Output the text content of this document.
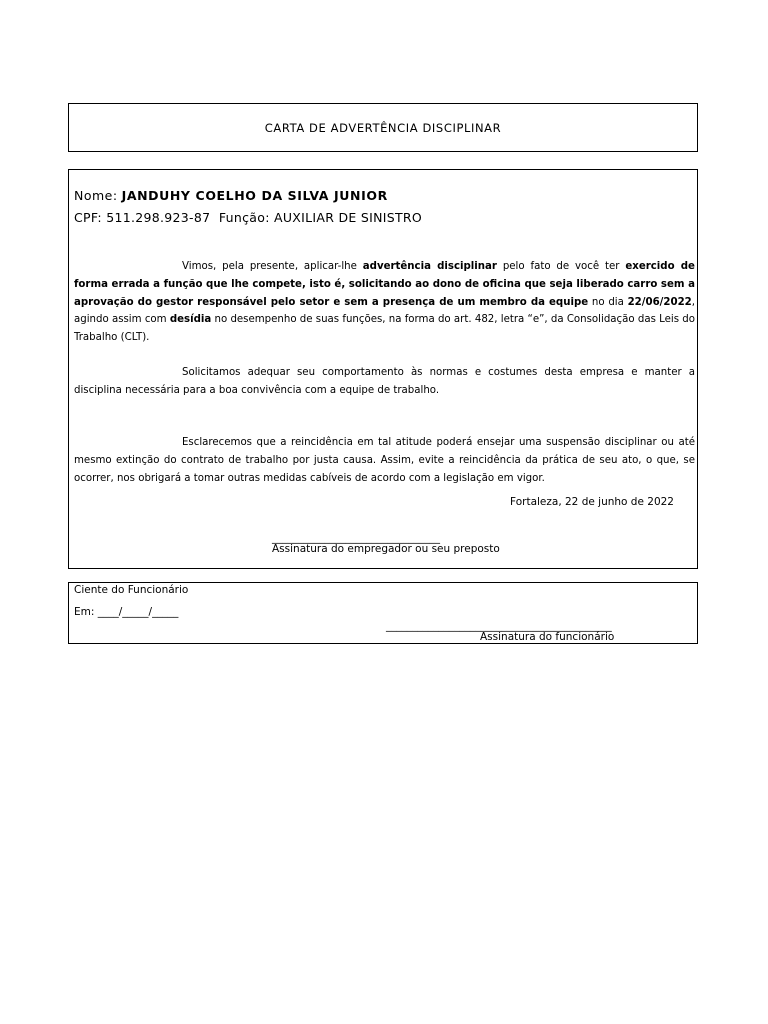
CARTA DE ADVERTÊNCIA DISCIPLINAR
Nome: JANDUHY COELHO DA SILVA JUNIOR
CPF: 511.298.923-87 Função: AUXILIAR DE SINISTRO
Vimos, pela presente, aplicar-lhe advertência disciplinar pelo fato de você ter exercido de forma errada a função que lhe compete, isto é, solicitando ao dono de oficina que seja liberado carro sem a aprovação do gestor responsável pelo setor e sem a presença de um membro da equipe no dia 22/06/2022, agindo assim com desídia no desempenho de suas funções, na forma do art. 482, letra “e”, da Consolidação das Leis do Trabalho (CLT).
Solicitamos adequar seu comportamento às normas e costumes desta empresa e manter a disciplina necessária para a boa convivência com a equipe de trabalho.
Esclarecemos que a reincidência em tal atitude poderá ensejar uma suspensão disciplinar ou até mesmo extinção do contrato de trabalho por justa causa. Assim, evite a reincidência da prática de seu ato, o que, se ocorrer, nos obrigará a tomar outras medidas cabíveis de acordo com a legislação em vigor.
Fortaleza, 22 de junho de 2022
________________________________
Assinatura do empregador ou seu preposto
Ciente do Funcionário
Em: ____/_____/_____
___________________________________________
Assinatura do funcionário
